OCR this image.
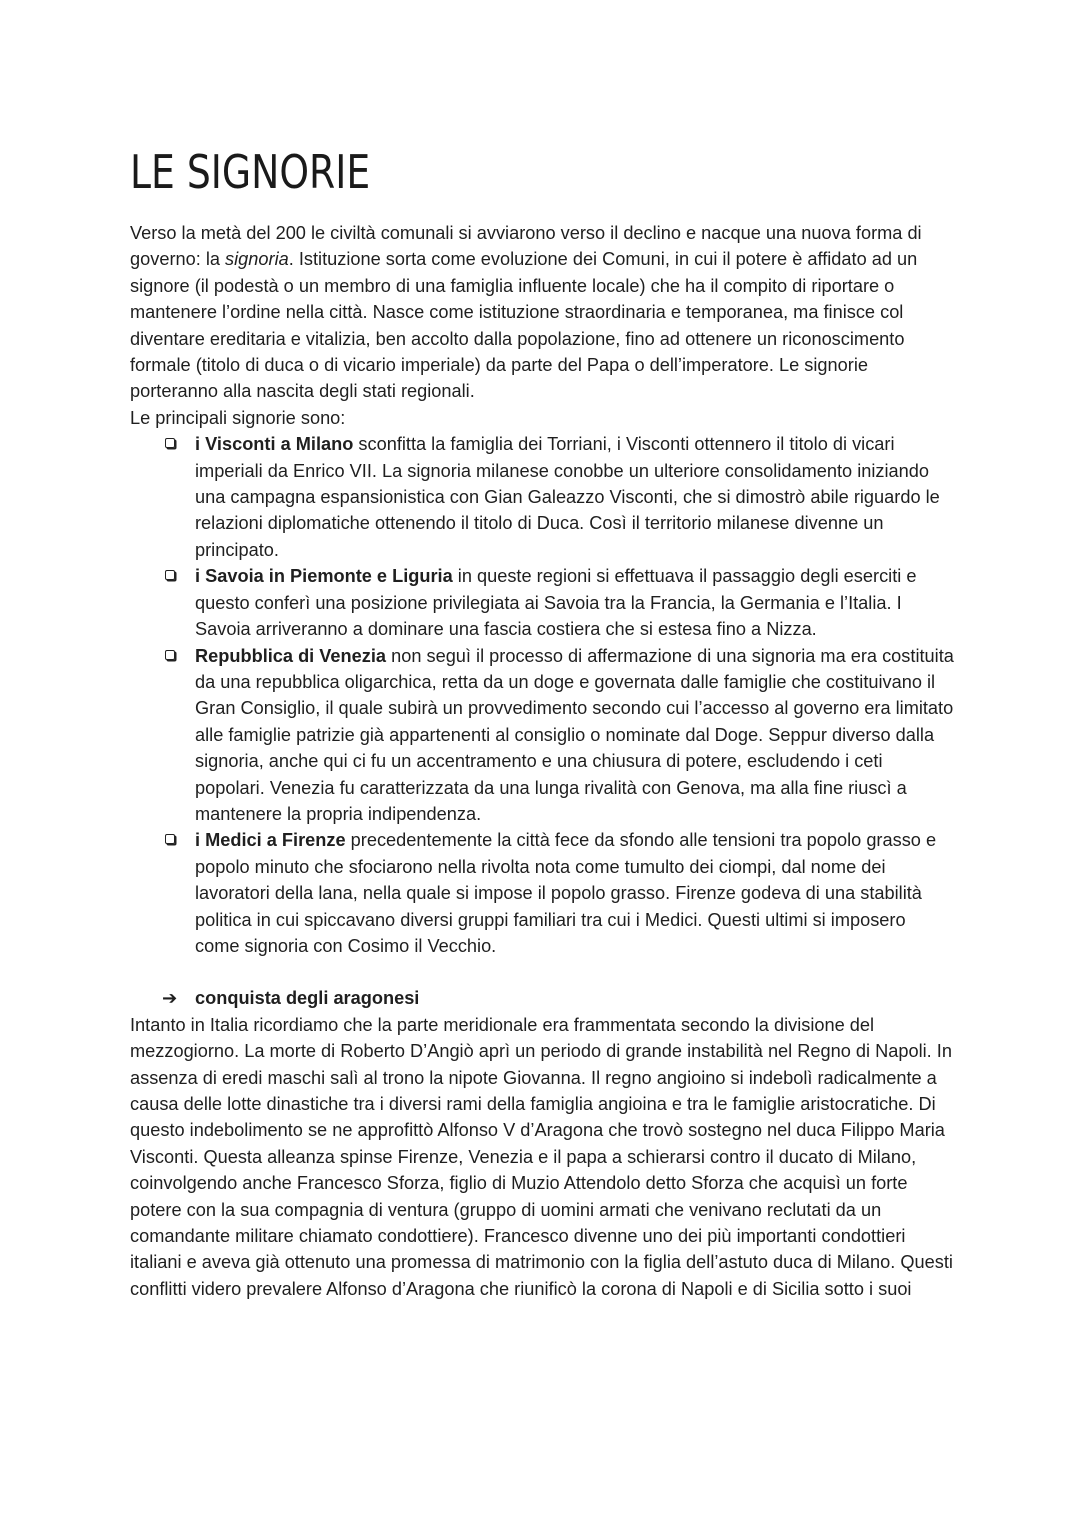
LE SIGNORIE

Verso la metà del 200 le civiltà comunali si avviarono verso il declino e nacque una nuova forma di governo: la signoria. Istituzione sorta come evoluzione dei Comuni, in cui il potere è affidato ad un signore (il podestà o un membro di una famiglia influente locale) che ha il compito di riportare o mantenere l’ordine nella città. Nasce come istituzione straordinaria e temporanea, ma finisce col diventare ereditaria e vitalizia, ben accolto dalla popolazione, fino ad ottenere un riconoscimento formale (titolo di duca o di vicario imperiale) da parte del Papa o dell’imperatore. Le signorie porteranno alla nascita degli stati regionali.

Le principali signorie sono:

i Visconti a Milano sconfitta la famiglia dei Torriani, i Visconti ottennero il titolo di vicari imperiali da Enrico VII. La signoria milanese conobbe un ulteriore consolidamento iniziando una campagna espansionistica con Gian Galeazzo Visconti, che si dimostrò abile riguardo le relazioni diplomatiche ottenendo il titolo di Duca. Così il territorio milanese divenne un principato.
i Savoia in Piemonte e Liguria in queste regioni si effettuava il passaggio degli eserciti e questo conferì una posizione privilegiata ai Savoia tra la Francia, la Germania e l’Italia. I Savoia arriveranno a dominare una fascia costiera che si estesa fino a Nizza.
Repubblica di Venezia non seguì il processo di affermazione di una signoria ma era costituita da una repubblica oligarchica, retta da un doge e governata dalle famiglie che costituivano il Gran Consiglio, il quale subirà un provvedimento secondo cui l’accesso al governo era limitato alle famiglie patrizie già appartenenti al consiglio o nominate dal Doge. Seppur diverso dalla signoria, anche qui ci fu un accentramento e una chiusura di potere, escludendo i ceti popolari. Venezia fu caratterizzata da una lunga rivalità con Genova, ma alla fine riuscì a mantenere la propria indipendenza.
i Medici a Firenze precedentemente la città fece da sfondo alle tensioni tra popolo grasso e popolo minuto che sfociarono nella rivolta nota come tumulto dei ciompi, dal nome dei lavoratori della lana, nella quale si impose il popolo grasso. Firenze godeva di una stabilità politica in cui spiccavano diversi gruppi familiari tra cui i Medici. Questi ultimi si imposero come signoria con Cosimo il Vecchio.
➔ conquista degli aragonesi

Intanto in Italia ricordiamo che la parte meridionale era frammentata secondo la divisione del mezzogiorno. La morte di Roberto D’Angiò aprì un periodo di grande instabilità nel Regno di Napoli. In assenza di eredi maschi salì al trono la nipote Giovanna. Il regno angioino si indebolì radicalmente a causa delle lotte dinastiche tra i diversi rami della famiglia angioina e tra le famiglie aristocratiche. Di questo indebolimento se ne approfittò Alfonso V d’Aragona che trovò sostegno nel duca Filippo Maria Visconti. Questa alleanza spinse Firenze, Venezia e il papa a schierarsi contro il ducato di Milano, coinvolgendo anche Francesco Sforza, figlio di Muzio Attendolo detto Sforza che acquisì un forte potere con la sua compagnia di ventura (gruppo di uomini armati che venivano reclutati da un comandante militare chiamato condottiere). Francesco divenne uno dei più importanti condottieri italiani e aveva già ottenuto una promessa di matrimonio con la figlia dell’astuto duca di Milano. Questi conflitti videro prevalere Alfonso d’Aragona che riunificò la corona di Napoli e di Sicilia sotto i suoi
